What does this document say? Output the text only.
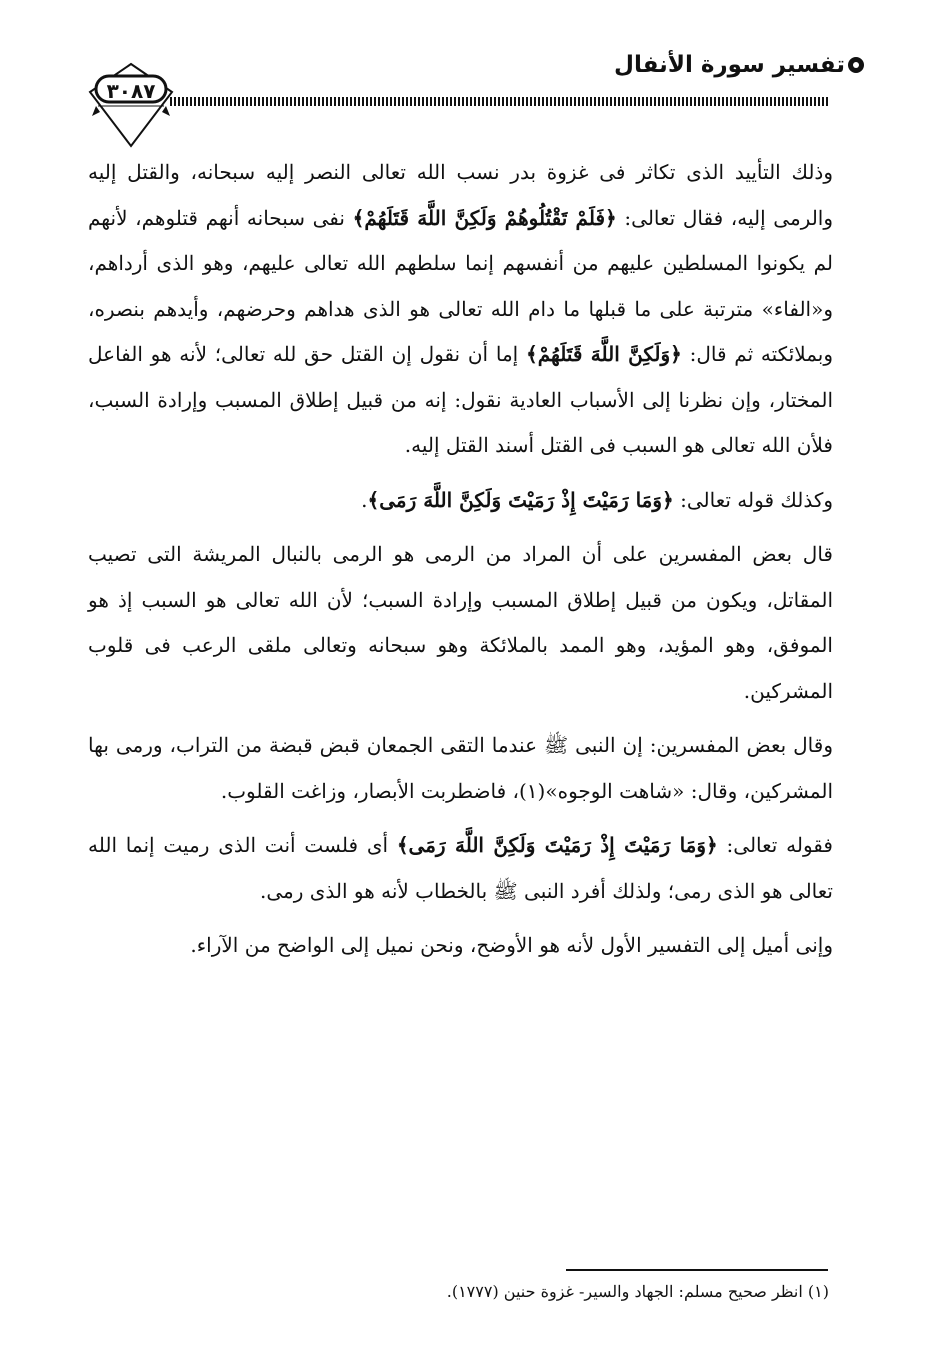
تفسير سورة الأنفال
٣٠٨٧

وذلك التأييد الذى تكاثر فى غزوة بدر نسب الله تعالى النصر إليه سبحانه، والقتل إليه والرمى إليه، فقال تعالى: ﴿فَلَمْ تَقْتُلُوهُمْ وَلَكِنَّ اللَّهَ قَتَلَهُمْ﴾ نفى سبحانه أنهم قتلوهم، لأنهم لم يكونوا المسلطين عليهم من أنفسهم إنما سلطهم الله تعالى عليهم، وهو الذى أرداهم، و«الفاء» مترتبة على ما قبلها ما دام الله تعالى هو الذى هداهم وحرضهم، وأيدهم بنصره، وبملائكته ثم قال: ﴿وَلَكِنَّ اللَّهَ قَتَلَهُمْ﴾ إما أن نقول إن القتل حق لله تعالى؛ لأنه هو الفاعل المختار، وإن نظرنا إلى الأسباب العادية نقول: إنه من قبيل إطلاق المسبب وإرادة السبب، فلأن الله تعالى هو السبب فى القتل أسند القتل إليه.

وكذلك قوله تعالى: ﴿وَمَا رَمَيْتَ إِذْ رَمَيْتَ وَلَكِنَّ اللَّهَ رَمَى﴾.

قال بعض المفسرين على أن المراد من الرمى هو الرمى بالنبال المريشة التى تصيب المقاتل، ويكون من قبيل إطلاق المسبب وإرادة السبب؛ لأن الله تعالى هو السبب إذ هو الموفق، وهو المؤيد، وهو الممد بالملائكة وهو سبحانه وتعالى ملقى الرعب فى قلوب المشركين.

وقال بعض المفسرين: إن النبى ﷺ عندما التقى الجمعان قبض قبضة من التراب، ورمى بها المشركين، وقال: «شاهت الوجوه»(١)، فاضطربت الأبصار، وزاغت القلوب.

فقوله تعالى: ﴿وَمَا رَمَيْتَ إِذْ رَمَيْتَ وَلَكِنَّ اللَّهَ رَمَى﴾ أى فلست أنت الذى رميت إنما الله تعالى هو الذى رمى؛ ولذلك أفرد النبى ﷺ بالخطاب لأنه هو الذى رمى.

وإنى أميل إلى التفسير الأول لأنه هو الأوضح، ونحن نميل إلى الواضح من الآراء.

(١) انظر صحيح مسلم: الجهاد والسير- غزوة حنين (١٧٧٧).
